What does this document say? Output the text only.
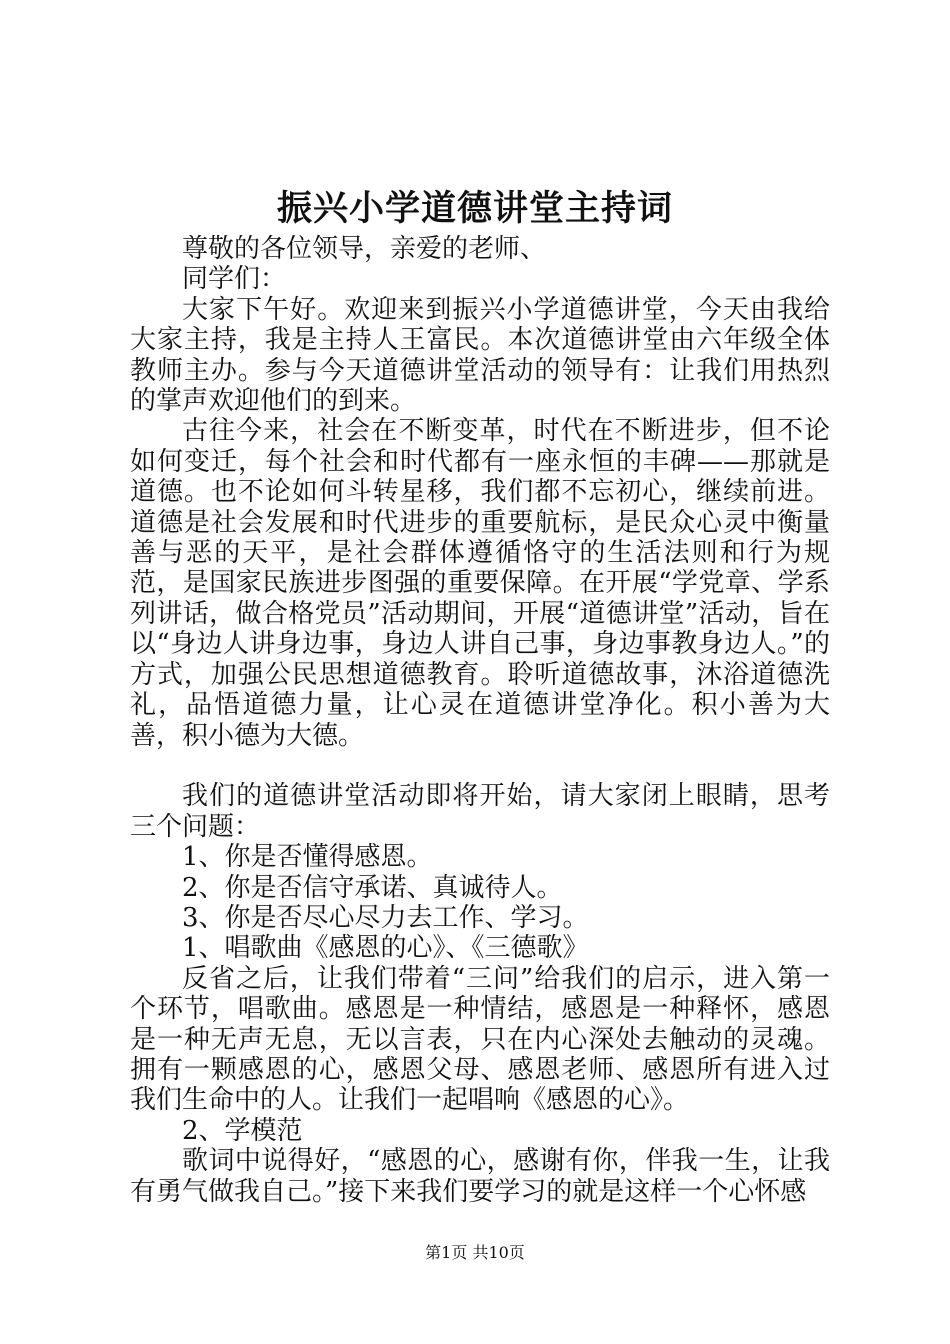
振兴小学道德讲堂主持词

尊敬的各位领导，亲爱的老师、

同学们：

大家下午好。欢迎来到振兴小学道德讲堂，今天由我给大家主持，我是主持人王富民。本次道德讲堂由六年级全体教师主办。参与今天道德讲堂活动的领导有：让我们用热烈的掌声欢迎他们的到来。

古往今来，社会在不断变革，时代在不断进步，但不论如何变迁，每个社会和时代都有一座永恒的丰碑——那就是道德。也不论如何斗转星移，我们都不忘初心，继续前进。道德是社会发展和时代进步的重要航标，是民众心灵中衡量善与恶的天平，是社会群体遵循恪守的生活法则和行为规范，是国家民族进步图强的重要保障。在开展“学党章、学系列讲话，做合格党员”活动期间，开展“道德讲堂”活动，旨在以“身边人讲身边事，身边人讲自己事，身边事教身边人。”的方式，加强公民思想道德教育。聆听道德故事，沐浴道德洗礼，品悟道德力量，让心灵在道德讲堂净化。积小善为大善，积小德为大德。

我们的道德讲堂活动即将开始，请大家闭上眼睛，思考三个问题：

1、你是否懂得感恩。

2、你是否信守承诺、真诚待人。

3、你是否尽心尽力去工作、学习。

1、唱歌曲《感恩的心》、《三德歌》

反省之后，让我们带着“三问”给我们的启示，进入第一个环节，唱歌曲。感恩是一种情结，感恩是一种释怀，感恩是一种无声无息，无以言表，只在内心深处去触动的灵魂。拥有一颗感恩的心，感恩父母、感恩老师、感恩所有进入过我们生命中的人。让我们一起唱响《感恩的心》。

2、学模范

歌词中说得好，“感恩的心，感谢有你，伴我一生，让我有勇气做我自己。”接下来我们要学习的就是这样一个心怀感

第1页 共10页
